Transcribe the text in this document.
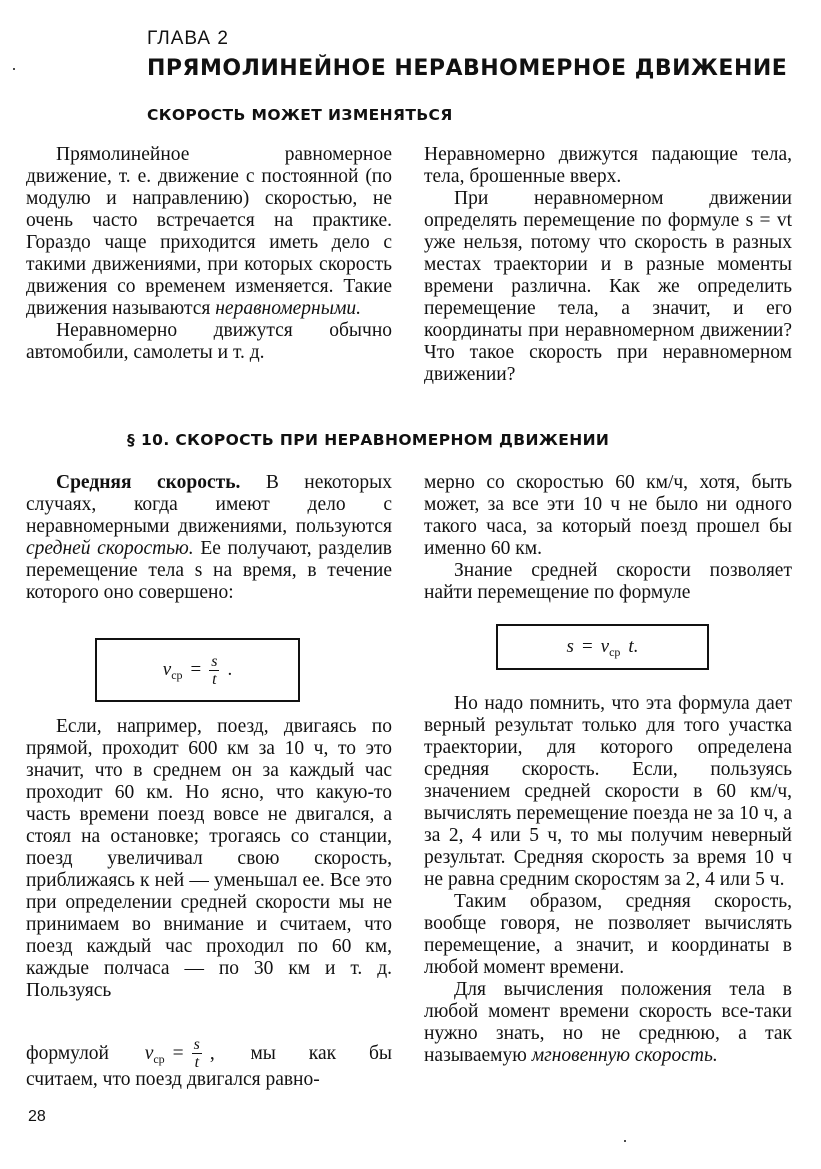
ГЛАВА 2
ПРЯМОЛИНЕЙНОЕ НЕРАВНОМЕРНОЕ ДВИЖЕНИЕ
СКОРОСТЬ МОЖЕТ ИЗМЕНЯТЬСЯ

Прямолинейное равномерное движение, т. е. движение с постоянной (по модулю и направлению) скоростью, не очень часто встречается на практике. Гораздо чаще приходится иметь дело с такими движениями, при которых скорость движения со временем изменяется. Такие движения называются неравномерными.

Неравномерно движутся обычно автомобили, самолеты и т. д.

Неравномерно движутся падающие тела, тела, брошенные вверх.

При неравномерном движении определять перемещение по формуле s = vt уже нельзя, потому что скорость в разных местах траектории и в разные моменты времени различна. Как же определить перемещение тела, а значит, и его координаты при неравномерном движении? Что такое скорость при неравномерном движении?

§ 10. СКОРОСТЬ ПРИ НЕРАВНОМЕРНОМ ДВИЖЕНИИ

Средняя скорость. В некоторых случаях, когда имеют дело с неравномерными движениями, пользуются средней скоростью. Ее получают, разделив перемещение тела s на время, в течение которого оно совершено:

$v_{ср} = \frac{s}{t}$ .

Если, например, поезд, двигаясь по прямой, проходит 600 км за 10 ч, то это значит, что в среднем он за каждый час проходит 60 км. Но ясно, что какую-то часть времени поезд вовсе не двигался, а стоял на остановке; трогаясь со станции, поезд увеличивал свою скорость, приближаясь к ней — уменьшал ее. Все это при определении средней скорости мы не принимаем во внимание и считаем, что поезд каждый час проходил по 60 км, каждые полчаса — по 30 км и т. д. Пользуясь

формулой $v_{ср} = \frac{s}{t}$ , мы как бы

считаем, что поезд двигался равно-

мерно со скоростью 60 км/ч, хотя, быть может, за все эти 10 ч не было ни одного такого часа, за который поезд прошел бы именно 60 км.

Знание средней скорости позволяет найти перемещение по формуле

$s = v_{ср}$ t.

Но надо помнить, что эта формула дает верный результат только для того участка траектории, для которого определена средняя скорость. Если, пользуясь значением средней скорости в 60 км/ч, вычислять перемещение поезда не за 10 ч, а за 2, 4 или 5 ч, то мы получим неверный результат. Средняя скорость за время 10 ч не равна средним скоростям за 2, 4 или 5 ч.

Таким образом, средняя скорость, вообще говоря, не позволяет вычислять перемещение, а значит, и координаты в любой момент времени.

Для вычисления положения тела в любой момент времени скорость все-таки нужно знать, но не среднюю, а так называемую мгновенную скорость.

28
